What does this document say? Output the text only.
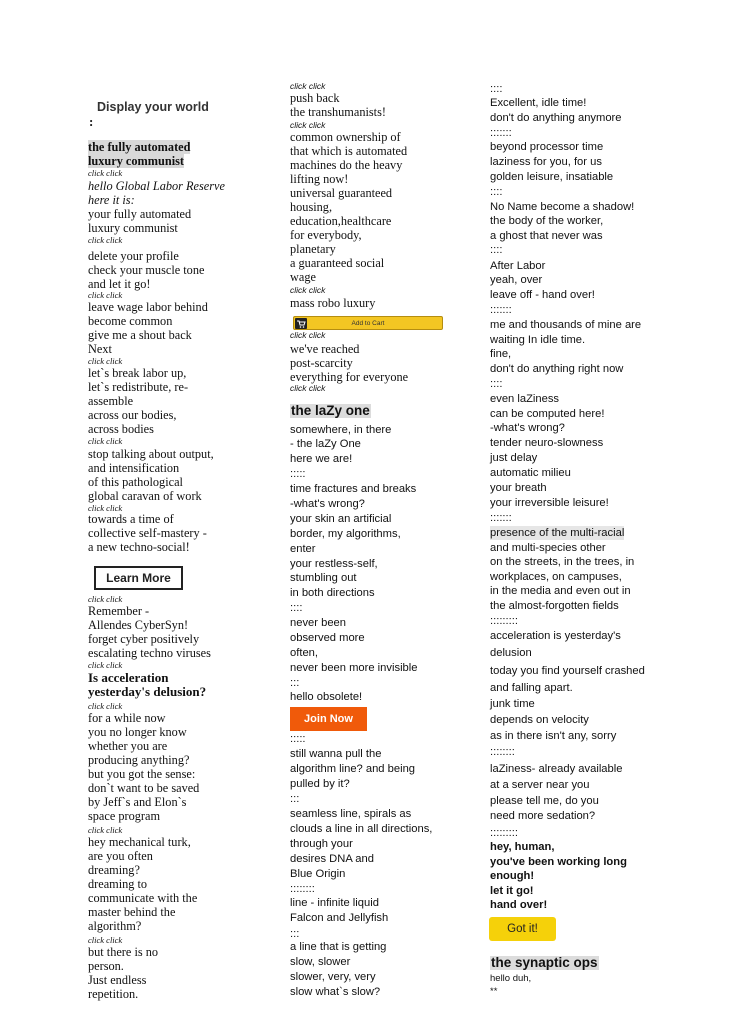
Display your world
:
the fully automated
luxury communist
click click
hello Global Labor Reserve
here it is:
your fully automated
luxury communist
click click
delete your profile
check your muscle tone
and let it go!
click click
leave wage labor behind
become common
give me a shout back
Next
click click
let`s break labor up,
let`s redistribute, re-
assemble
across our bodies,
across bodies
click click
stop talking about output,
and intensification
of this pathological
global caravan of work
click click
towards a time of
collective self-mastery -
a new techno-social!
click click
Remember -
Allendes CyberSyn!
forget cyber positively
escalating techno viruses
click click
Is acceleration
yesterday's delusion?
click click
for a while now
you no longer know
whether you are
producing anything?
but you got the sense:
don`t want to be saved
by Jeff`s and Elon`s
space program
click click
hey mechanical turk,
are you often
dreaming?
dreaming to
communicate with the
master behind the
algorithm?
click click
but there is no
person.
Just endless
repetition.
click click
push back
the transhumanists!
click click
common ownership of
that which is automated
machines do the heavy
lifting now!
universal guaranteed
housing,
education,healthcare
for everybody,
planetary
a guaranteed social
wage
click click
mass robo luxury
click click
we've reached
post-scarcity
everything for everyone
click click
the laZy one
somewhere, in there
- the laZy One
here we are!
:::::
time fractures and breaks
-what's wrong?
your skin an artificial
border, my algorithms,
enter
your restless-self,
stumbling out
in both directions
::::
never been
observed more
often,
never been more invisible
:::
hello obsolete!
:::::
still wanna pull the
algorithm line? and being
pulled by it?
:::
seamless line, spirals as
clouds a line in all directions,
through your
desires DNA and
Blue Origin
::::::::
line - infinite liquid
Falcon and Jellyfish
:::
a line that is getting
slow, slower
slower, very, very
slow what`s slow?
::::
Excellent, idle time!
don't do anything anymore
:::::::
beyond processor time
laziness for you, for us
golden leisure, insatiable
::::
No Name become a shadow!
the body of the worker,
a ghost that never was
::::
After Labor
yeah, over
leave off - hand over!
:::::::
me and thousands of mine are
waiting In idle time.
fine,
don't do anything right now
::::
even laZiness
can be computed here!
-what's wrong?
tender neuro-slowness
just delay
automatic milieu
your breath
your irreversible leisure!
:::::::
presence of the multi-racial
and multi-species other
on the streets, in the trees, in
workplaces, on campuses,
in the media and even out in
the almost-forgotten fields
:::::::::
acceleration is yesterday's
delusion
today you find yourself crashed
and falling apart.
junk time
depends on velocity
as in there isn't any, sorry
::::::::
laZiness- already available
at a server near you
please tell me, do you
need more sedation?
:::::::::
hey, human,
you've been working long
enough!
let it go!
hand over!
the synaptic ops
hello duh,
**
Learn More
Add to Cart
Join Now
Got it!
